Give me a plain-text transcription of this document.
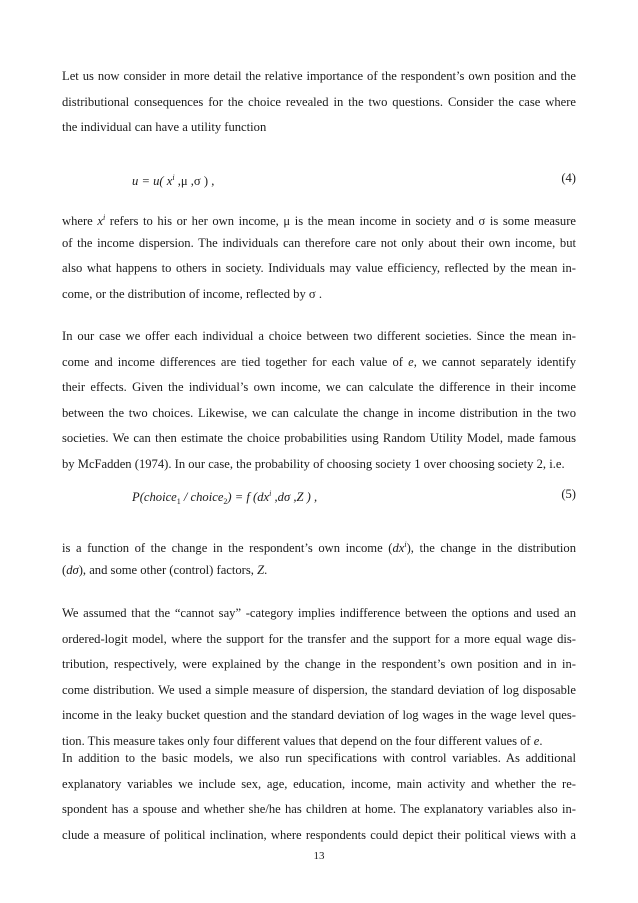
Let us now consider in more detail the relative importance of the respondent’s own position and the
distributional consequences for the choice revealed in the two questions. Consider the case where
the individual can have a utility function
u = u( $x^i$ ,μ ,σ ) ,	(4)
where $x^i$ refers to his or her own income, μ is the mean income in society and σ is some measure
of the income dispersion. The individuals can therefore care not only about their own income, but
also what happens to others in society. Individuals may value efficiency, reflected by the mean in-
come, or the distribution of income, reflected by σ .
In our case we offer each individual a choice between two different societies. Since the mean in-
come and income differences are tied together for each value of e, we cannot separately identify
their effects. Given the individual’s own income, we can calculate the difference in their income
between the two choices. Likewise, we can calculate the change in income distribution in the two
societies. We can then estimate the choice probabilities using Random Utility Model, made famous
by McFadden (1974). In our case, the probability of choosing society 1 over choosing society 2, i.e.
P(choice$_1$ / choice$_2$) = f ($dx^i$ ,dσ ,Z ) ,	(5)
is a function of the change in the respondent’s own income $(dx^i)$, the change in the distribution
(dσ), and some other (control) factors, Z.
We assumed that the “cannot say” -category implies indifference between the options and used an
ordered-logit model, where the support for the transfer and the support for a more equal wage dis-
tribution, respectively, were explained by the change in the respondent’s own position and in in-
come distribution. We used a simple measure of dispersion, the standard deviation of log disposable
income in the leaky bucket question and the standard deviation of log wages in the wage level ques-
tion. This measure takes only four different values that depend on the four different values of e.
In addition to the basic models, we also run specifications with control variables. As additional
explanatory variables we include sex, age, education, income, main activity and whether the re-
spondent has a spouse and whether she/he has children at home. The explanatory variables also in-
clude a measure of political inclination, where respondents could depict their political views with a
13
